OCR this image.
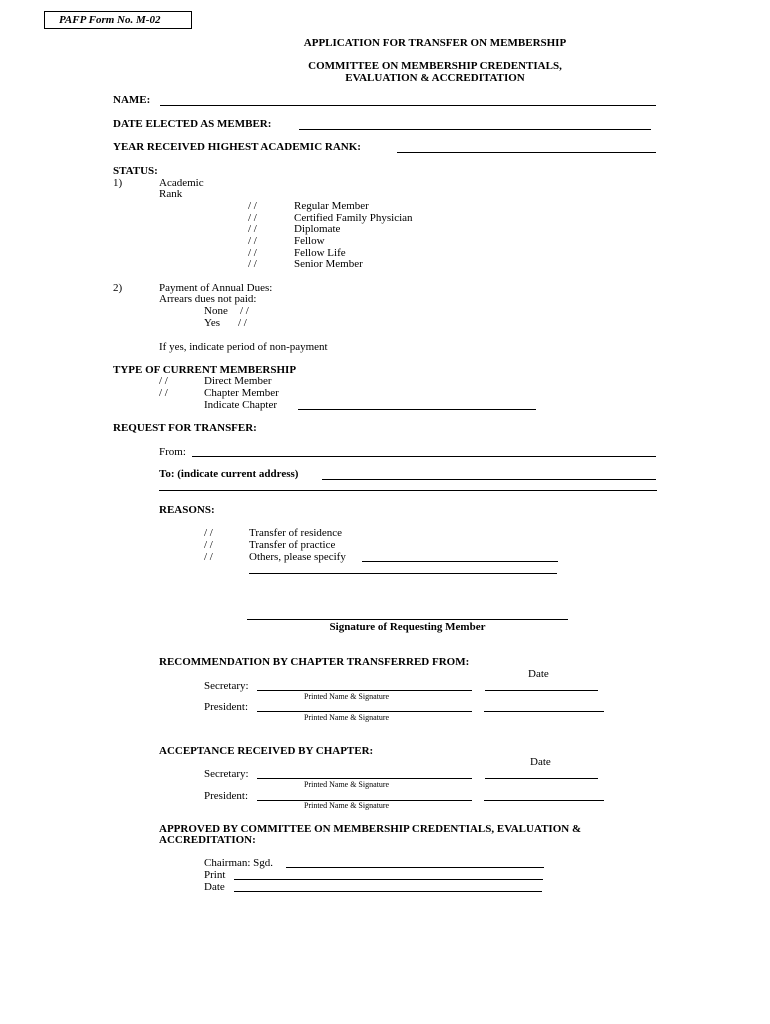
PAFP Form No. M-02
APPLICATION FOR TRANSFER ON MEMBERSHIP
COMMITTEE ON MEMBERSHIP CREDENTIALS,
EVALUATION & ACCREDITATION
NAME:
DATE ELECTED AS MEMBER:
YEAR RECEIVED HIGHEST ACADEMIC RANK:
STATUS:
1)	Academic
Rank
/ /	Regular Member
/ /	Certified Family Physician
/ /	Diplomate
/ /	Fellow
/ /	Fellow Life
/ /	Senior Member
2)	Payment of Annual Dues:
Arrears dues not paid:
None / /
Yes / /
If yes, indicate period of non-payment
TYPE OF CURRENT MEMBERSHIP
/ /	Direct Member
/ /	Chapter Member
Indicate Chapter
REQUEST FOR TRANSFER:
From:
To: (indicate current address)
REASONS:
/ /	Transfer of residence
/ /	Transfer of practice
/ /	Others, please specify
Signature of Requesting Member
RECOMMENDATION BY CHAPTER TRANSFERRED FROM:
Date
Secretary:
Printed Name & Signature
President:
Printed Name & Signature
ACCEPTANCE RECEIVED BY CHAPTER:
Date
Secretary:
Printed Name & Signature
President:
Printed Name & Signature
APPROVED BY COMMITTEE ON MEMBERSHIP CREDENTIALS, EVALUATION &
ACCREDITATION:
Chairman: Sgd.
Print
Date
